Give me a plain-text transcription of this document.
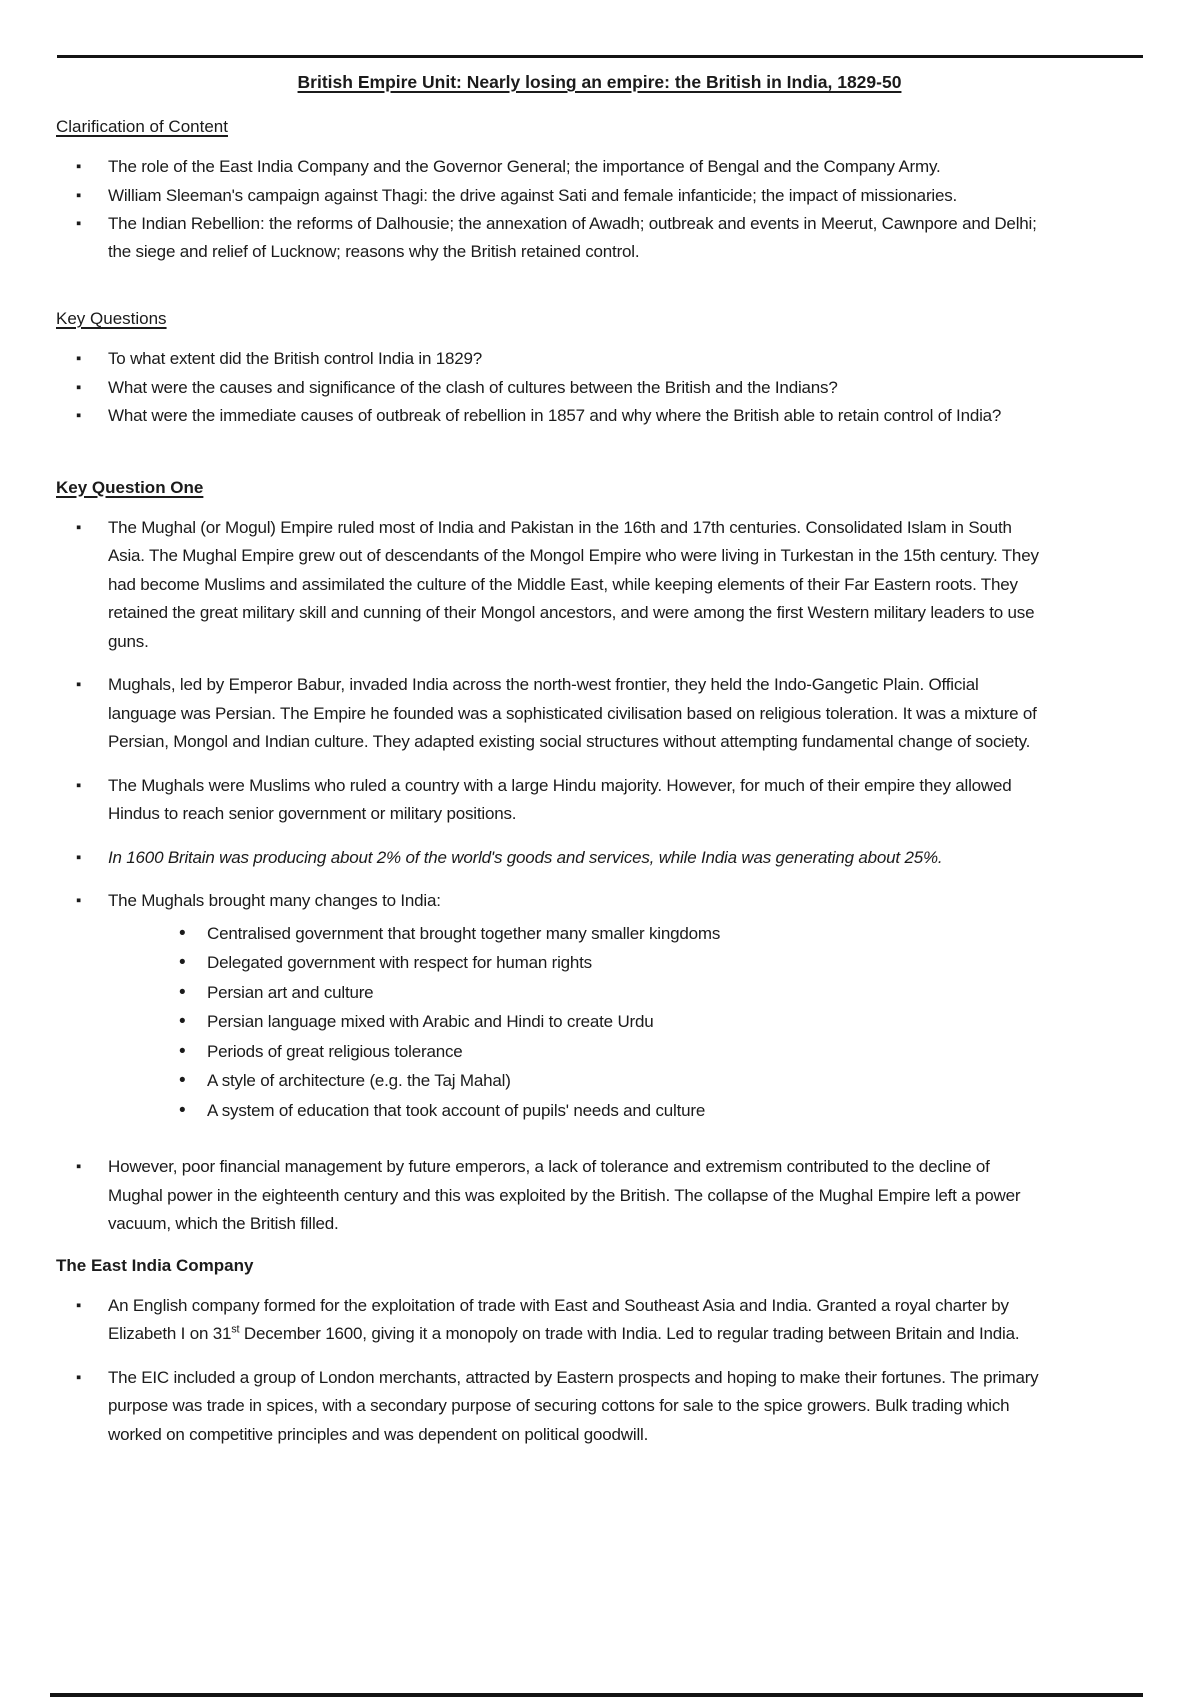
British Empire Unit: Nearly losing an empire: the British in India, 1829-50
Clarification of Content
▪	The role of the East India Company and the Governor General; the importance of Bengal and the Company Army.
▪	William Sleeman's campaign against Thagi: the drive against Sati and female infanticide; the impact of missionaries.
▪	The Indian Rebellion: the reforms of Dalhousie; the annexation of Awadh; outbreak and events in Meerut, Cawnpore and Delhi; the siege and relief of Lucknow; reasons why the British retained control.
Key Questions
▪	To what extent did the British control India in 1829?
▪	What were the causes and significance of the clash of cultures between the British and the Indians?
▪	What were the immediate causes of outbreak of rebellion in 1857 and why where the British able to retain control of India?
Key Question One
▪	The Mughal (or Mogul) Empire ruled most of India and Pakistan in the 16th and 17th centuries. Consolidated Islam in South Asia. The Mughal Empire grew out of descendants of the Mongol Empire who were living in Turkestan in the 15th century. They had become Muslims and assimilated the culture of the Middle East, while keeping elements of their Far Eastern roots. They retained the great military skill and cunning of their Mongol ancestors, and were among the first Western military leaders to use guns.
▪	Mughals, led by Emperor Babur, invaded India across the north-west frontier, they held the Indo-Gangetic Plain. Official language was Persian. The Empire he founded was a sophisticated civilisation based on religious toleration. It was a mixture of Persian, Mongol and Indian culture. They adapted existing social structures without attempting fundamental change of society.
▪	The Mughals were Muslims who ruled a country with a large Hindu majority. However, for much of their empire they allowed Hindus to reach senior government or military positions.
▪	In 1600 Britain was producing about 2% of the world's goods and services, while India was generating about 25%.
▪	The Mughals brought many changes to India:
•	Centralised government that brought together many smaller kingdoms
•	Delegated government with respect for human rights
•	Persian art and culture
•	Persian language mixed with Arabic and Hindi to create Urdu
•	Periods of great religious tolerance
•	A style of architecture (e.g. the Taj Mahal)
•	A system of education that took account of pupils' needs and culture
▪	However, poor financial management by future emperors, a lack of tolerance and extremism contributed to the decline of Mughal power in the eighteenth century and this was exploited by the British. The collapse of the Mughal Empire left a power vacuum, which the British filled.
The East India Company
▪	An English company formed for the exploitation of trade with East and Southeast Asia and India. Granted a royal charter by Elizabeth I on 31st December 1600, giving it a monopoly on trade with India. Led to regular trading between Britain and India.
▪	The EIC included a group of London merchants, attracted by Eastern prospects and hoping to make their fortunes. The primary purpose was trade in spices, with a secondary purpose of securing cottons for sale to the spice growers. Bulk trading which worked on competitive principles and was dependent on political goodwill.
